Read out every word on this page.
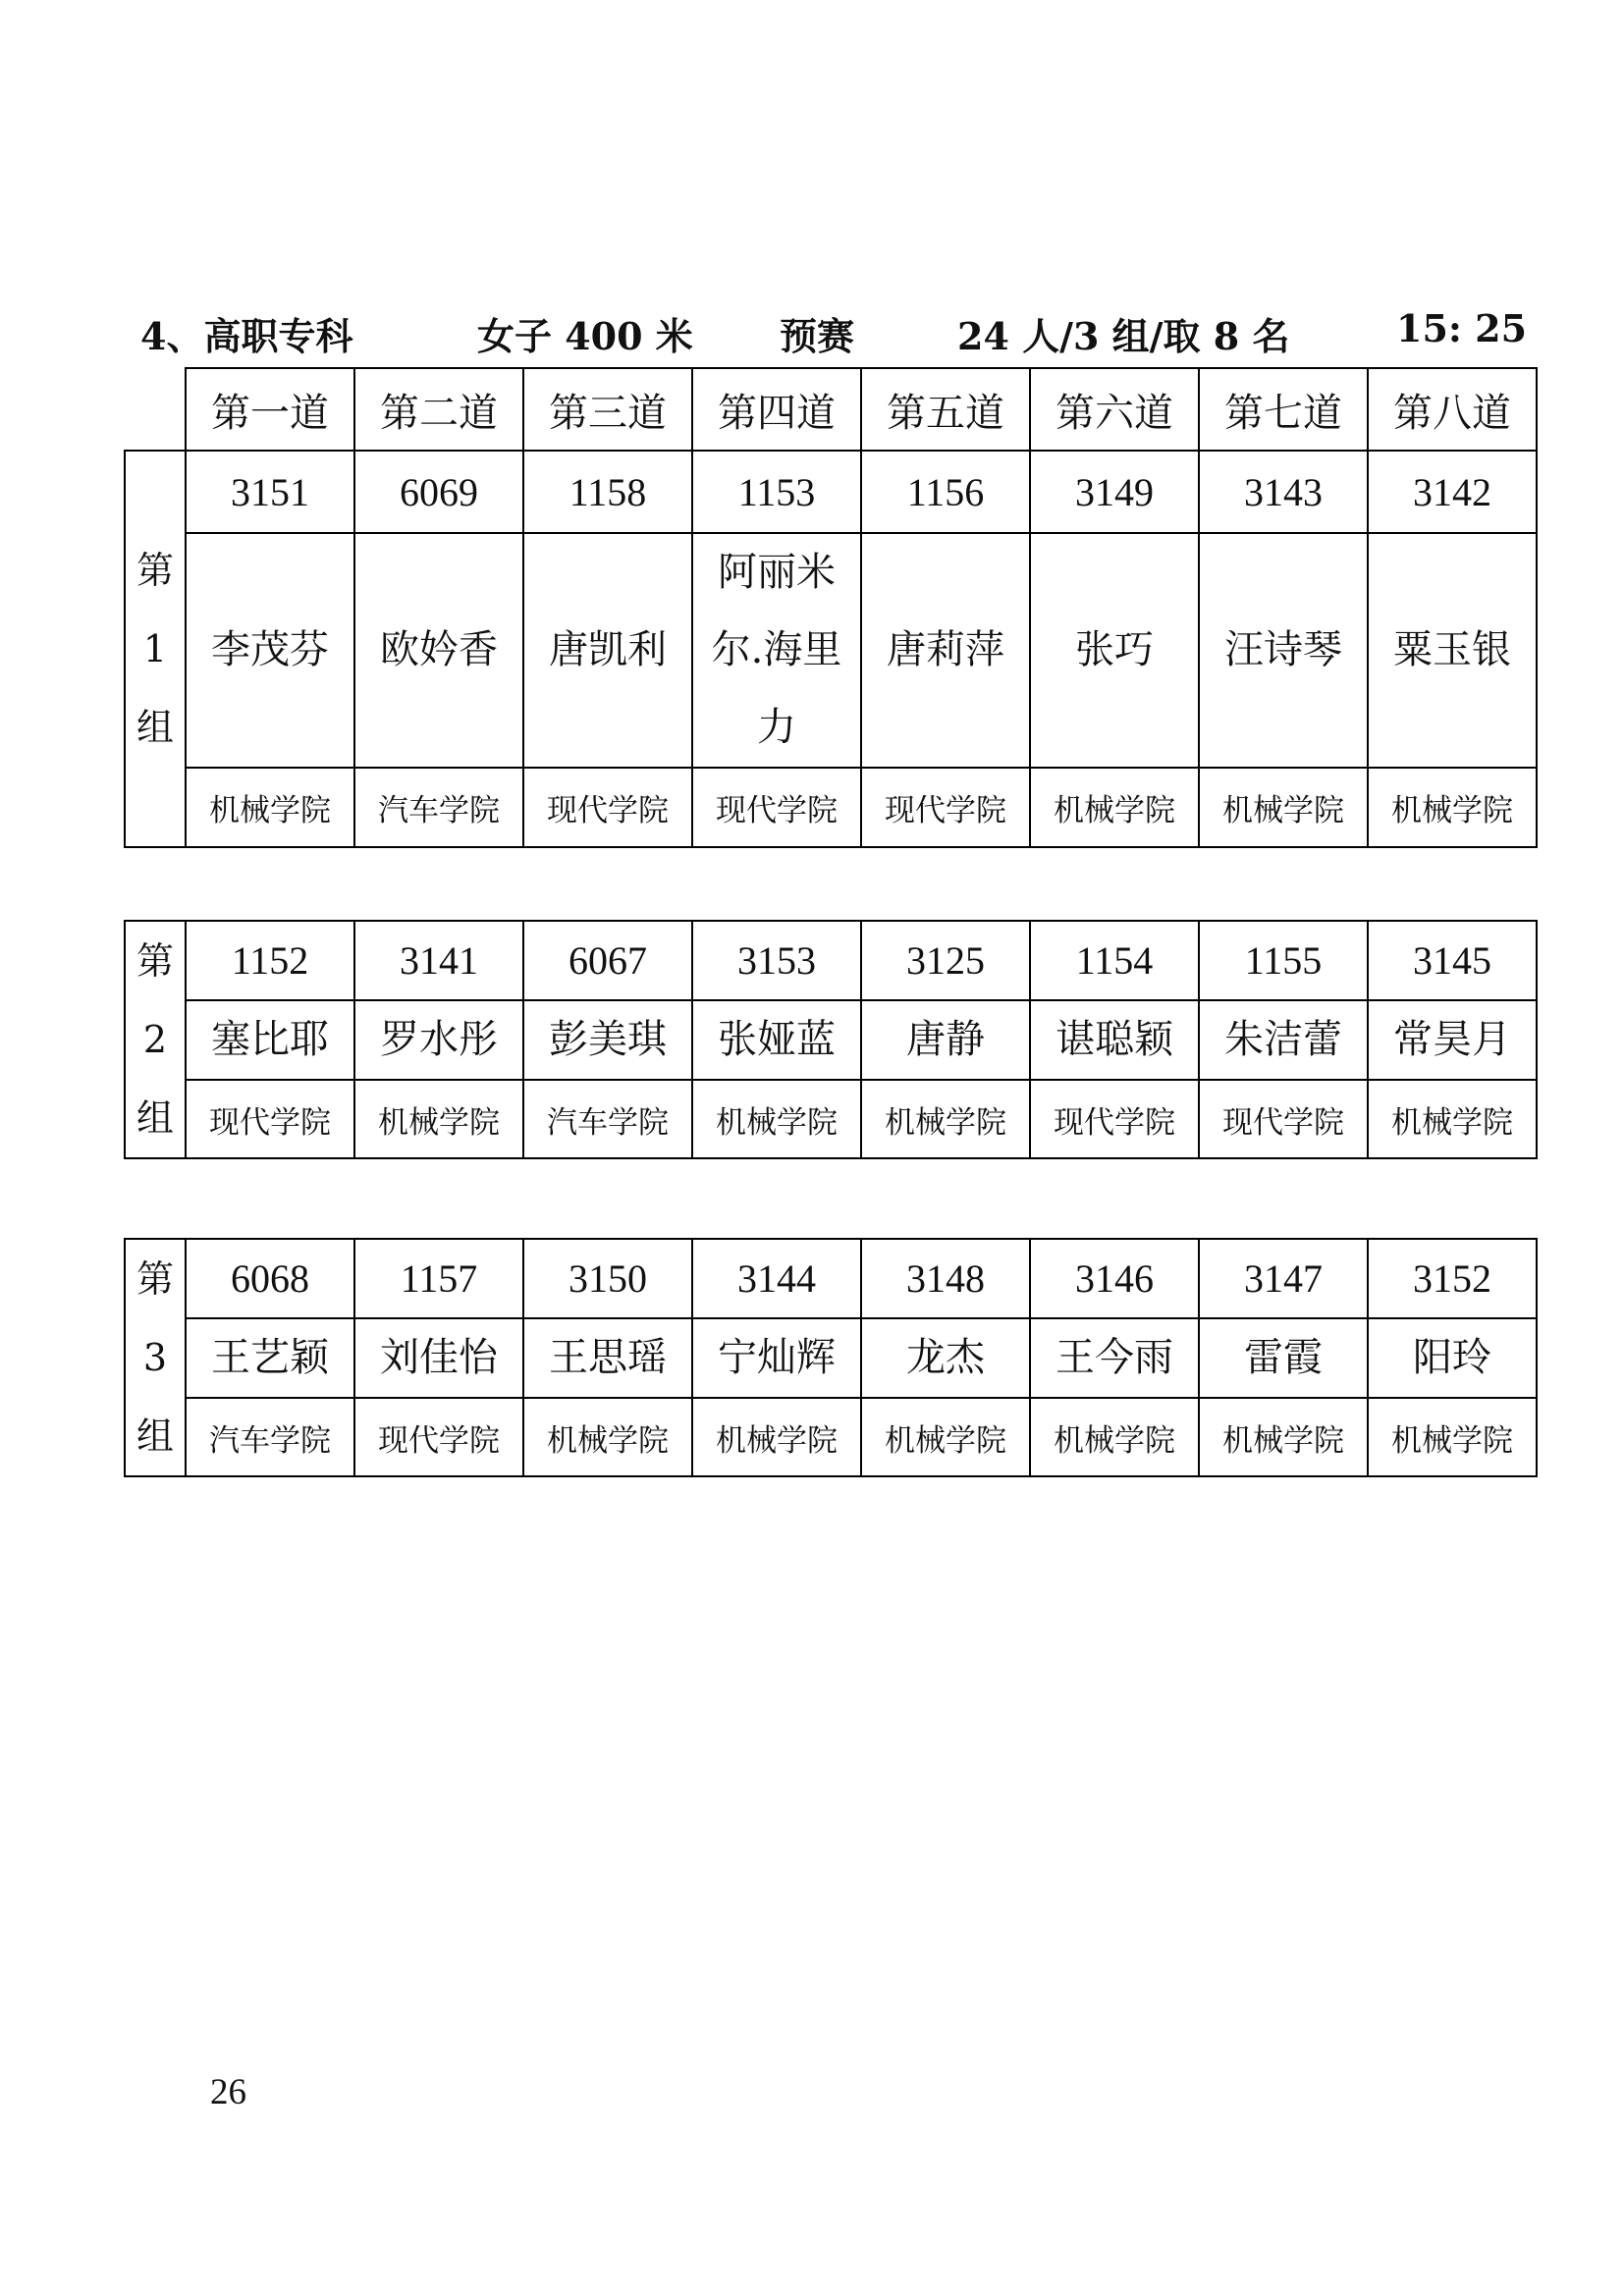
4、高职专科	女子 400 米 预赛	24 人/3 组/取 8 名	15: 25
	第一道	第二道	第三道	第四道	第五道	第六道	第七道	第八道

第
1
组	3151	6069	1158	1153	1156	3149	3143	3142
	李茂芬	欧妗香	唐凯利	阿丽米尔.海里力	唐莉萍	张巧	汪诗琴	粟玉银
	机械学院	汽车学院	现代学院	现代学院	现代学院	机械学院	机械学院	机械学院
第
2
组	1152	3141	6067	3153	3125	1154	1155	3145
	塞比耶	罗水彤	彭美琪	张娅蓝	唐静	谌聪颖	朱洁蕾	常昊月
	现代学院	机械学院	汽车学院	机械学院	机械学院	现代学院	现代学院	机械学院
第
3
组	6068	1157	3150	3144	3148	3146	3147	3152
	王艺颖	刘佳怡	王思瑶	宁灿辉	龙杰	王今雨	雷霞	阳玲
	汽车学院	现代学院	机械学院	机械学院	机械学院	机械学院	机械学院	机械学院
26
